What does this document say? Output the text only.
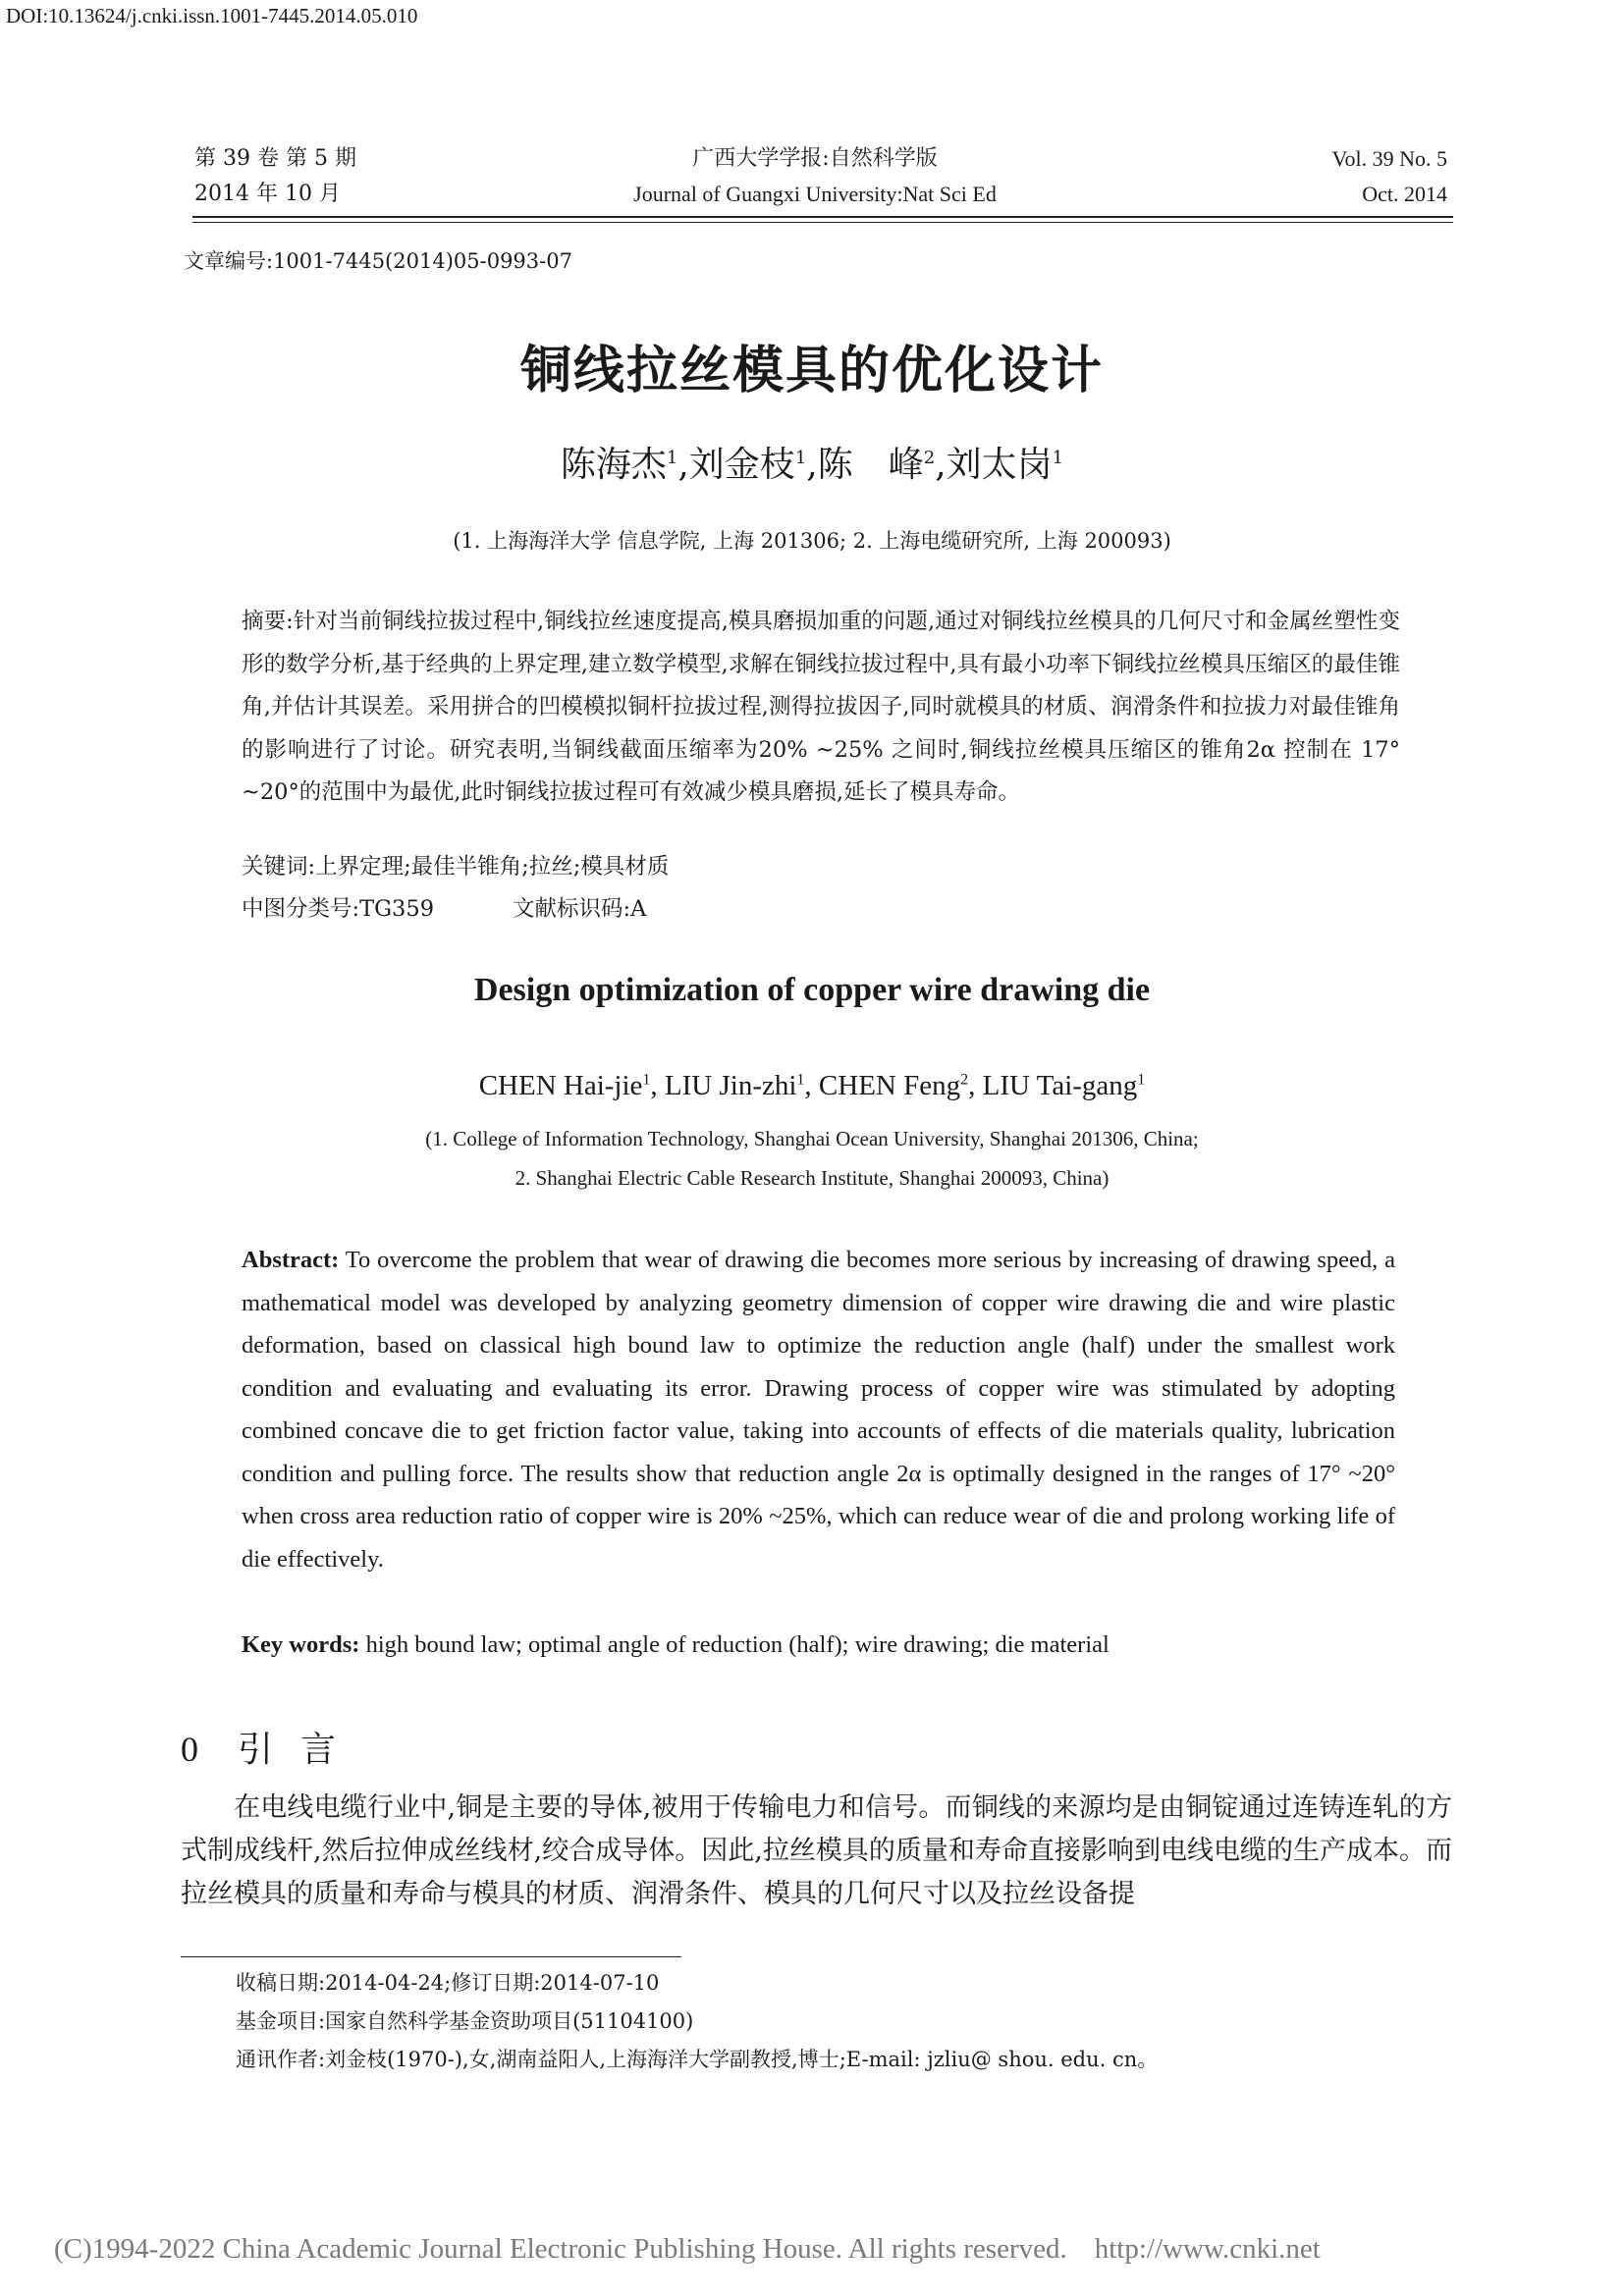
DOI:10.13624/j.cnki.issn.1001-7445.2014.05.010
第 39 卷 第 5 期
2014 年 10 月
广西大学学报:自然科学版
Journal of Guangxi University:Nat Sci Ed
Vol. 39 No. 5
Oct. 2014
文章编号:1001-7445(2014)05-0993-07
铜线拉丝模具的优化设计
陈海杰$^1$,刘金枝$^1$,陈　峰$^2$,刘太岗$^1$
(1. 上海海洋大学 信息学院, 上海 201306; 2. 上海电缆研究所, 上海 200093)

摘要:针对当前铜线拉拔过程中,铜线拉丝速度提高,模具磨损加重的问题,通过对铜线拉丝模具的几何尺寸和金属丝塑性变形的数学分析,基于经典的上界定理,建立数学模型,求解在铜线拉拔过程中,具有最小功率下铜线拉丝模具压缩区的最佳锥角,并估计其误差。采用拼合的凹模模拟铜杆拉拔过程,测得拉拔因子,同时就模具的材质、润滑条件和拉拔力对最佳锥角的影响进行了讨论。研究表明,当铜线截面压缩率为20% ~25% 之间时,铜线拉丝模具压缩区的锥角2α 控制在 17° ~20°的范围中为最优,此时铜线拉拔过程可有效减少模具磨损,延长了模具寿命。

关键词:上界定理;最佳半锥角;拉丝;模具材质
中图分类号:TG359	文献标识码:A
Design optimization of copper wire drawing die
CHEN Hai-jie$^1$, LIU Jin-zhi$^1$, CHEN Feng$^2$, LIU Tai-gang$^1$
(1. College of Information Technology, Shanghai Ocean University, Shanghai 201306, China;
2. Shanghai Electric Cable Research Institute, Shanghai 200093, China)
Abstract: To overcome the problem that wear of drawing die becomes more serious by increasing of drawing speed, a mathematical model was developed by analyzing geometry dimension of copper wire drawing die and wire plastic deformation, based on classical high bound law to optimize the reduction angle (half) under the smallest work condition and evaluating and evaluating its error. Drawing process of copper wire was stimulated by adopting combined concave die to get friction factor value, taking into accounts of effects of die materials quality, lubrication condition and pulling force. The results show that reduction angle 2α is optimally designed in the ranges of 17° ~20° when cross area reduction ratio of copper wire is 20% ~25%, which can reduce wear of die and prolong working life of die effectively.
Key words: high bound law; optimal angle of reduction (half); wire drawing; die material
0 引言

在电线电缆行业中,铜是主要的导体,被用于传输电力和信号。而铜线的来源均是由铜锭通过连铸连轧的方式制成线杆,然后拉伸成丝线材,绞合成导体。因此,拉丝模具的质量和寿命直接影响到电线电缆的生产成本。而拉丝模具的质量和寿命与模具的材质、润滑条件、模具的几何尺寸以及拉丝设备提

收稿日期:2014-04-24;修订日期:2014-07-10
基金项目:国家自然科学基金资助项目(51104100)
通讯作者:刘金枝(1970-),女,湖南益阳人,上海海洋大学副教授,博士;E-mail: jzliu@ shou. edu. cn。
(C)1994-2022 China Academic Journal Electronic Publishing House. All rights reserved. http://www.cnki.net
